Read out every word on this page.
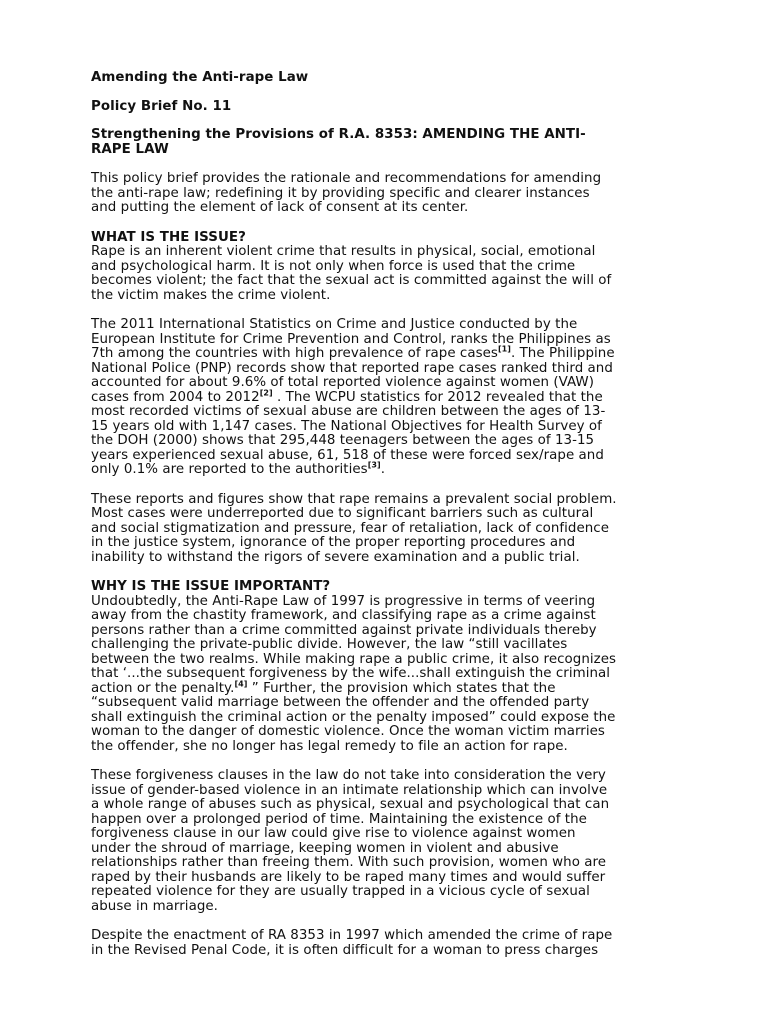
Amending the Anti-rape Law
Policy Brief No. 11
Strengthening the Provisions of R.A. 8353: AMENDING THE ANTI-
RAPE LAW
This policy brief provides the rationale and recommendations for amending
the anti-rape law; redefining it by providing specific and clearer instances
and putting the element of lack of consent at its center.
WHAT IS THE ISSUE?
Rape is an inherent violent crime that results in physical, social, emotional
and psychological harm. It is not only when force is used that the crime
becomes violent; the fact that the sexual act is committed against the will of
the victim makes the crime violent.
The 2011 International Statistics on Crime and Justice conducted by the
European Institute for Crime Prevention and Control, ranks the Philippines as
7th among the countries with high prevalence of rape cases[1]. The Philippine
National Police (PNP) records show that reported rape cases ranked third and
accounted for about 9.6% of total reported violence against women (VAW)
cases from 2004 to 2012[2] . The WCPU statistics for 2012 revealed that the
most recorded victims of sexual abuse are children between the ages of 13-
15 years old with 1,147 cases. The National Objectives for Health Survey of
the DOH (2000) shows that 295,448 teenagers between the ages of 13-15
years experienced sexual abuse, 61, 518 of these were forced sex/rape and
only 0.1% are reported to the authorities[3].
These reports and figures show that rape remains a prevalent social problem.
Most cases were underreported due to significant barriers such as cultural
and social stigmatization and pressure, fear of retaliation, lack of confidence
in the justice system, ignorance of the proper reporting procedures and
inability to withstand the rigors of severe examination and a public trial.
WHY IS THE ISSUE IMPORTANT?
Undoubtedly, the Anti-Rape Law of 1997 is progressive in terms of veering
away from the chastity framework, and classifying rape as a crime against
persons rather than a crime committed against private individuals thereby
challenging the private-public divide. However, the law “still vacillates
between the two realms. While making rape a public crime, it also recognizes
that ‘...the subsequent forgiveness by the wife...shall extinguish the criminal
action or the penalty.[4] ” Further, the provision which states that the
“subsequent valid marriage between the offender and the offended party
shall extinguish the criminal action or the penalty imposed” could expose the
woman to the danger of domestic violence. Once the woman victim marries
the offender, she no longer has legal remedy to file an action for rape.
These forgiveness clauses in the law do not take into consideration the very
issue of gender-based violence in an intimate relationship which can involve
a whole range of abuses such as physical, sexual and psychological that can
happen over a prolonged period of time. Maintaining the existence of the
forgiveness clause in our law could give rise to violence against women
under the shroud of marriage, keeping women in violent and abusive
relationships rather than freeing them. With such provision, women who are
raped by their husbands are likely to be raped many times and would suffer
repeated violence for they are usually trapped in a vicious cycle of sexual
abuse in marriage.
Despite the enactment of RA 8353 in 1997 which amended the crime of rape
in the Revised Penal Code, it is often difficult for a woman to press charges
